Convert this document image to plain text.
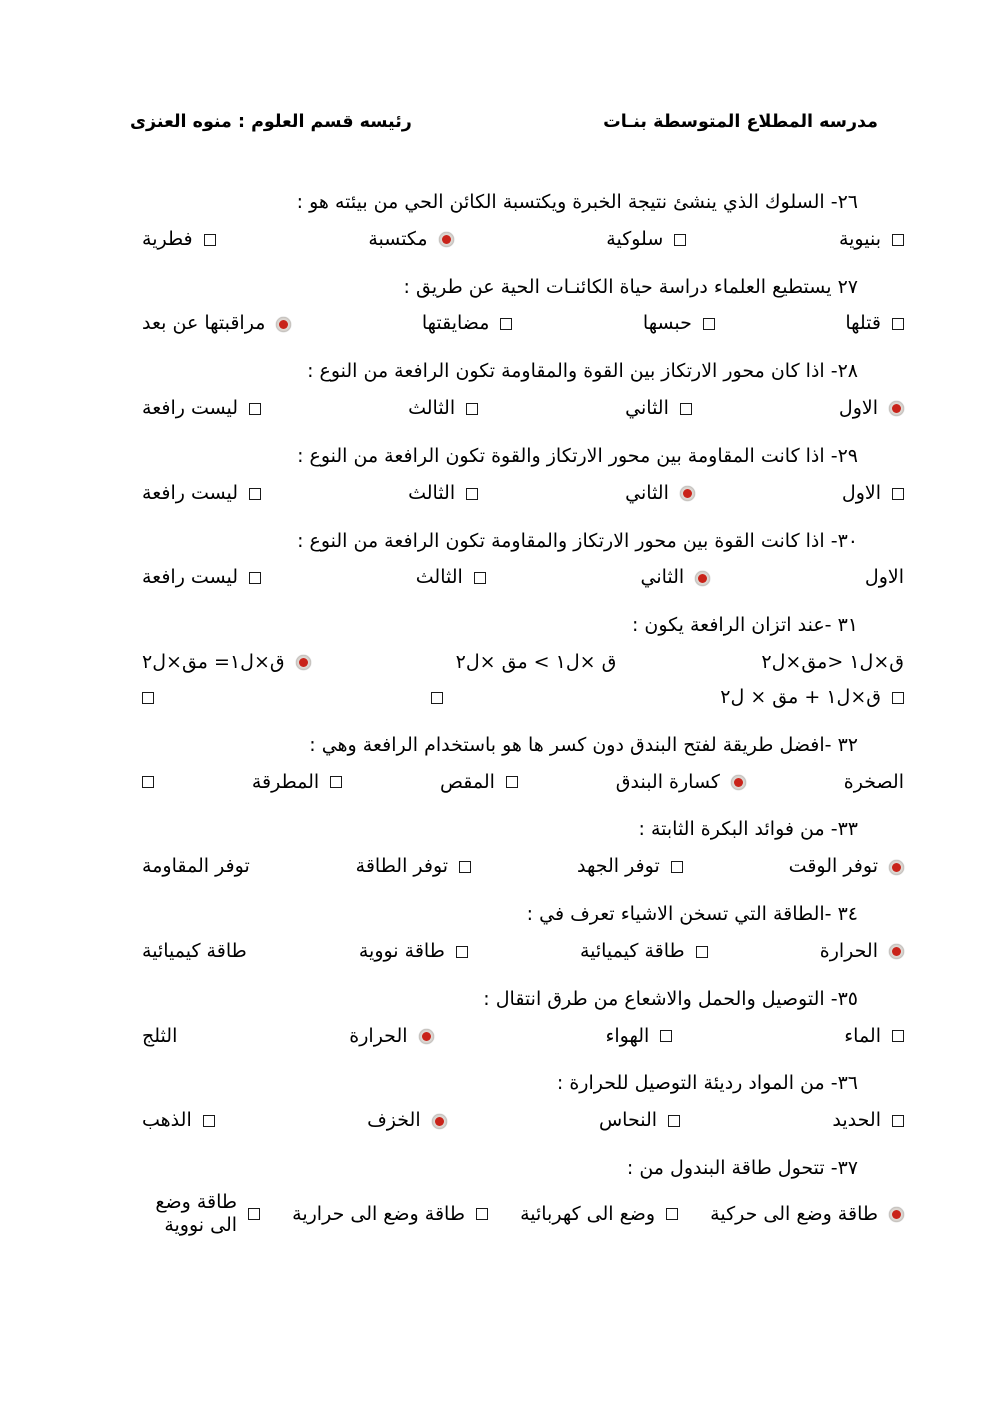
مدرسه المطلاع المتوسطة بنـات
رئيسه قسم العلوم : منوه العنزى
٢٦- السلوك الذي ينشئ نتيجة الخبرة ويكتسبة الكائن الحي من بيئته هو :
بنيوية
سلوكية
مكتسبة
فطرية
٢٧ يستطيع العلماء دراسة حياة الكائنـات الحية عن طريق :
قتلها
حبسها
مضايقتها
مراقبتها عن بعد
٢٨- اذا كان محور الارتكاز بين القوة والمقاومة تكون الرافعة من النوع :
الاول
الثاني
الثالث
ليست رافعة
٢٩- اذا كانت المقاومة بين محور الارتكاز والقوة تكون الرافعة من النوع :
الاول
الثاني
الثالث
ليست رافعة
٣٠- اذا كانت القوة بين محور الارتكاز والمقاومة تكون الرافعة من النوع :
الاول
الثاني
الثالث
ليست رافعة
٣١ -عند اتزان الرافعة يكون :
ق×ل١ <مق×ل٢
ق ×ل١ > مق ×ل٢
ق×ل١= مق×ل٢
ق×ل١ + مق × ل٢
٣٢ -افضل طريقة لفتح البندق دون كسر ها هو باستخدام الرافعة وهي :
الصخرة
كسارة البندق
المقص
المطرقة
٣٣- من فوائد البكرة الثابتة :
توفر الوقت
توفر الجهد
توفر الطاقة
توفر المقاومة
٣٤ -الطاقة التي تسخن الاشياء تعرف في :
الحرارة
طاقة كيميائية
طاقة نووية
طاقة كيميائية
٣٥- التوصيل والحمل والاشعاع من طرق انتقال :
الماء
الهواء
الحرارة
الثلج
٣٦- من المواد رديئة التوصيل للحرارة :
الحديد
النحاس
الخزف
الذهب
٣٧- تتحول طاقة البندول من :
طاقة وضع الى حركية
وضع الى كهربائية
طاقة وضع الى حرارية
طاقة وضع الى نووية
